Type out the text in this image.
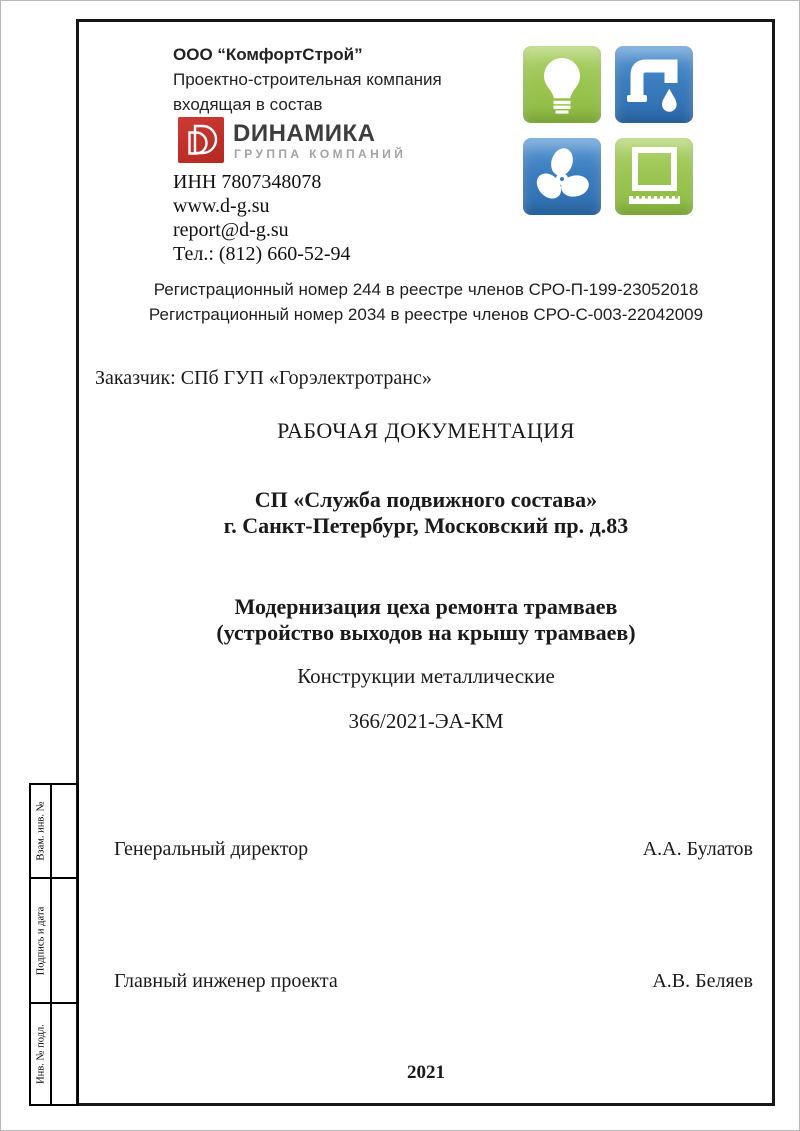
ООО “КомфортСтрой”
Проектно-строительная компания
входящая в состав
DИНАМИКА
ГРУППА КОМПАНИЙ
ИНН 7807348078
www.d-g.su
report@d-g.su
Тел.: (812) 660-52-94
Регистрационный номер 244 в реестре членов СРО-П-199-23052018
Регистрационный номер 2034 в реестре членов СРО-С-003-22042009
Заказчик: СПб ГУП «Горэлектротранс»
РАБОЧАЯ ДОКУМЕНТАЦИЯ
СП «Служба подвижного состава»
г. Санкт-Петербург, Московский пр. д.83
Модернизация цеха ремонта трамваев
(устройство выходов на крышу трамваев)
Конструкции металлические
366/2021-ЭА-КМ
Генеральный директор	А.А. Булатов
Главный инженер проекта	А.В. Беляев
2021
Взам. инв. №
Подпись и дата
Инв. № подл.
